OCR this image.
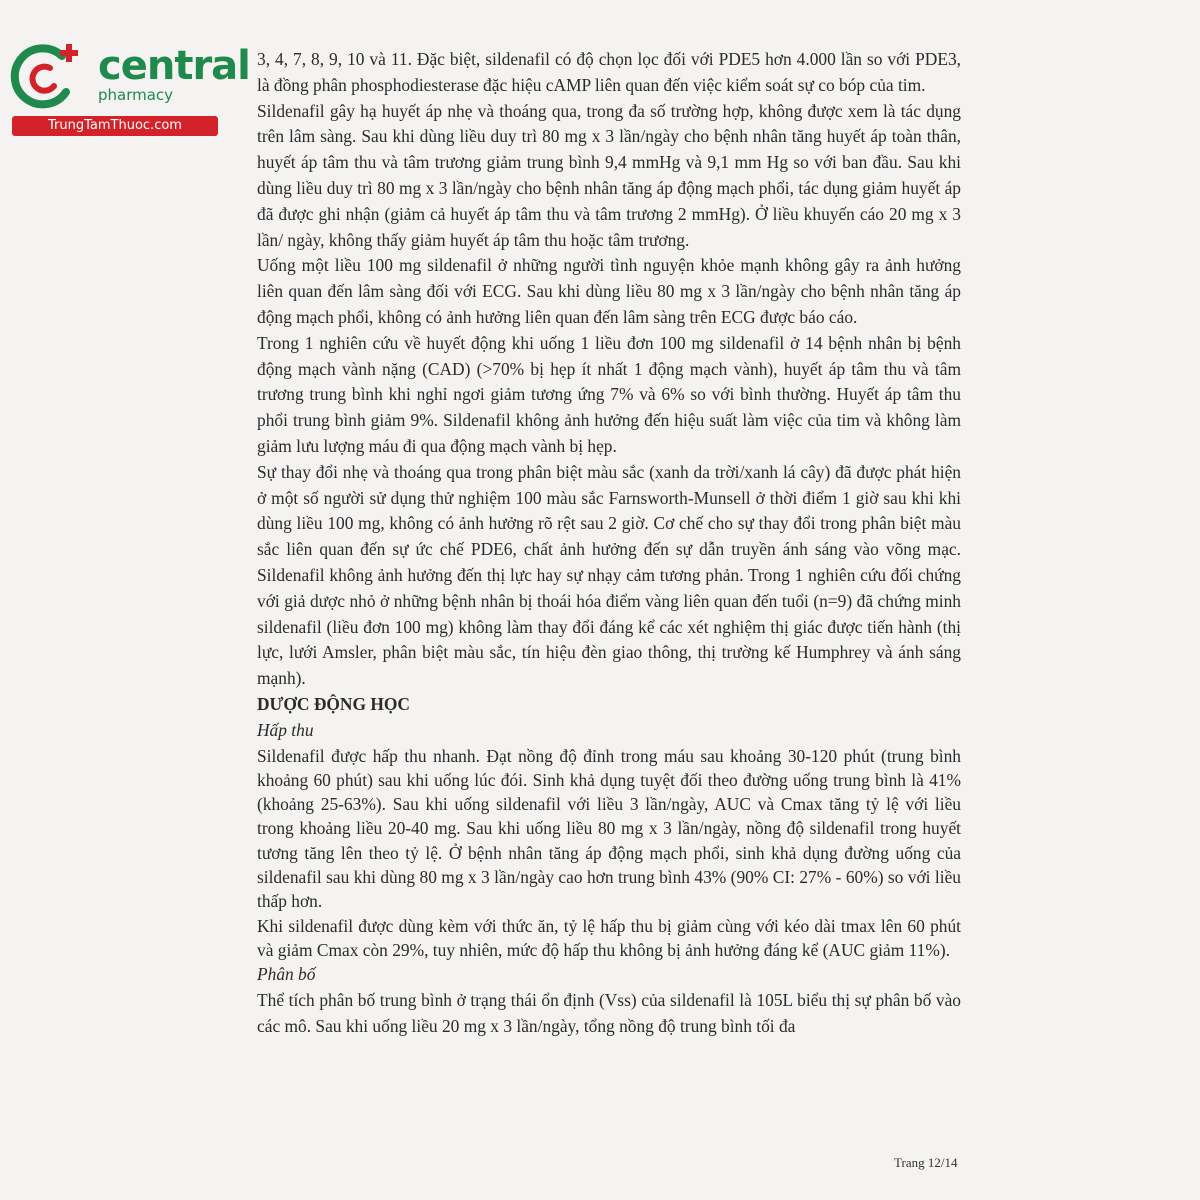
central
pharmacy
TrungTamThuoc.com

3, 4, 7, 8, 9, 10 và 11. Đặc biệt, sildenafil có độ chọn lọc đối với PDE5 hơn 4.000 lần so với PDE3, là đồng phân phosphodiesterase đặc hiệu cAMP liên quan đến việc kiểm soát sự co bóp của tim.

Sildenafil gây hạ huyết áp nhẹ và thoáng qua, trong đa số trường hợp, không được xem là tác dụng trên lâm sàng. Sau khi dùng liều duy trì 80 mg x 3 lần/ngày cho bệnh nhân tăng huyết áp toàn thân, huyết áp tâm thu và tâm trương giảm trung bình 9,4 mmHg và 9,1 mm Hg so với ban đầu. Sau khi dùng liều duy trì 80 mg x 3 lần/ngày cho bệnh nhân tăng áp động mạch phổi, tác dụng giảm huyết áp đã được ghi nhận (giảm cả huyết áp tâm thu và tâm trương 2 mmHg). Ở liều khuyến cáo 20 mg x 3 lần/ ngày, không thấy giảm huyết áp tâm thu hoặc tâm trương.

Uống một liều 100 mg sildenafil ở những người tình nguyện khỏe mạnh không gây ra ảnh hưởng liên quan đến lâm sàng đối với ECG. Sau khi dùng liều 80 mg x 3 lần/ngày cho bệnh nhân tăng áp động mạch phổi, không có ảnh hưởng liên quan đến lâm sàng trên ECG được báo cáo.

Trong 1 nghiên cứu về huyết động khi uống 1 liều đơn 100 mg sildenafil ở 14 bệnh nhân bị bệnh động mạch vành nặng (CAD) (>70% bị hẹp ít nhất 1 động mạch vành), huyết áp tâm thu và tâm trương trung bình khi nghỉ ngơi giảm tương ứng 7% và 6% so với bình thường. Huyết áp tâm thu phổi trung bình giảm 9%. Sildenafil không ảnh hưởng đến hiệu suất làm việc của tim và không làm giảm lưu lượng máu đi qua động mạch vành bị hẹp.

Sự thay đổi nhẹ và thoáng qua trong phân biệt màu sắc (xanh da trời/xanh lá cây) đã được phát hiện ở một số người sử dụng thử nghiệm 100 màu sắc Farnsworth-Munsell ở thời điểm 1 giờ sau khi khi dùng liều 100 mg, không có ảnh hưởng rõ rệt sau 2 giờ. Cơ chế cho sự thay đổi trong phân biệt màu sắc liên quan đến sự ức chế PDE6, chất ảnh hưởng đến sự dẫn truyền ánh sáng vào võng mạc. Sildenafil không ảnh hưởng đến thị lực hay sự nhạy cảm tương phản. Trong 1 nghiên cứu đối chứng với giả dược nhỏ ở những bệnh nhân bị thoái hóa điểm vàng liên quan đến tuổi (n=9) đã chứng minh sildenafil (liều đơn 100 mg) không làm thay đổi đáng kể các xét nghiệm thị giác được tiến hành (thị lực, lưới Amsler, phân biệt màu sắc, tín hiệu đèn giao thông, thị trường kế Humphrey và ánh sáng mạnh).

DƯỢC ĐỘNG HỌC

Hấp thu

Sildenafil được hấp thu nhanh. Đạt nồng độ đỉnh trong máu sau khoảng 30-120 phút (trung bình khoảng 60 phút) sau khi uống lúc đói. Sinh khả dụng tuyệt đối theo đường uống trung bình là 41% (khoảng 25-63%). Sau khi uống sildenafil với liều 3 lần/ngày, AUC và Cmax tăng tỷ lệ với liều trong khoảng liều 20-40 mg. Sau khi uống liều 80 mg x 3 lần/ngày, nồng độ sildenafil trong huyết tương tăng lên theo tỷ lệ. Ở bệnh nhân tăng áp động mạch phổi, sinh khả dụng đường uống của sildenafil sau khi dùng 80 mg x 3 lần/ngày cao hơn trung bình 43% (90% CI: 27% - 60%) so với liều thấp hơn.

Khi sildenafil được dùng kèm với thức ăn, tỷ lệ hấp thu bị giảm cùng với kéo dài tmax lên 60 phút và giảm Cmax còn 29%, tuy nhiên, mức độ hấp thu không bị ảnh hưởng đáng kể (AUC giảm 11%).

Phân bố

Thể tích phân bố trung bình ở trạng thái ổn định (Vss) của sildenafil là 105L biểu thị sự phân bố vào các mô. Sau khi uống liều 20 mg x 3 lần/ngày, tổng nồng độ trung bình tối đa

Trang 12/14
